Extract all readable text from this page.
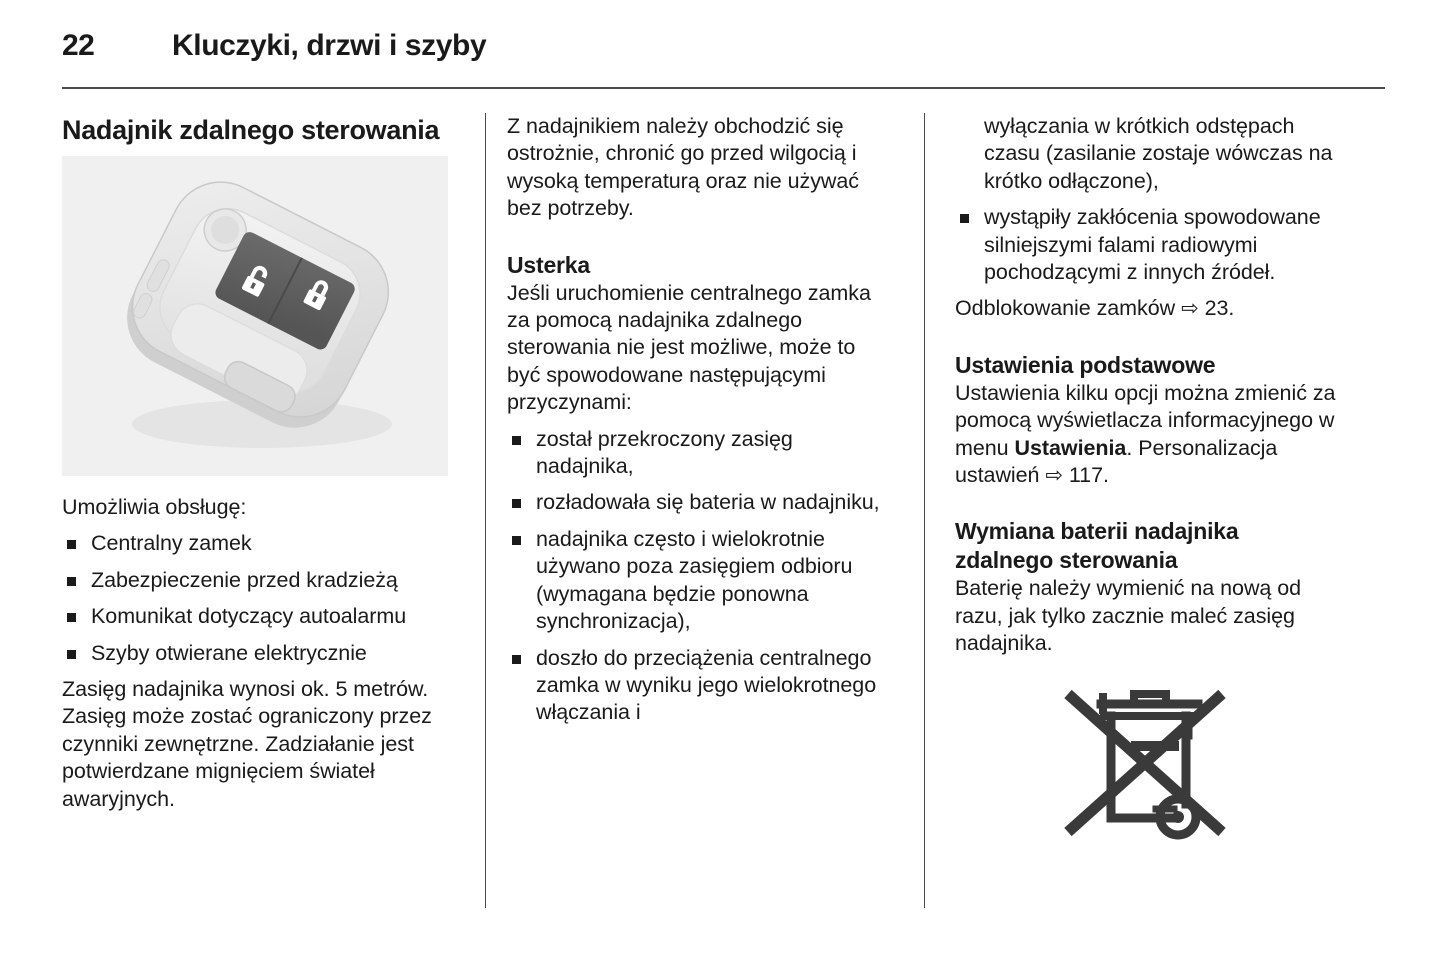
22	Kluczyki, drzwi i szyby
Nadajnik zdalnego sterowania

Umożliwia obsługę:

Centralny zamek
Zabezpieczenie przed kradzieżą
Komunikat dotyczący autoalarmu
Szyby otwierane elektrycznie

Zasięg nadajnika wynosi ok. 5 metrów. Zasięg może zostać ograniczony przez czynniki zewnętrzne. Zadziałanie jest potwierdzane mignięciem świateł awaryjnych.

Z nadajnikiem należy obchodzić się ostrożnie, chronić go przed wilgocią i wysoką temperaturą oraz nie używać bez potrzeby.

Usterka

Jeśli uruchomienie centralnego zamka za pomocą nadajnika zdalnego sterowania nie jest możliwe, może to być spowodowane następującymi przyczynami:

został przekroczony zasięg nadajnika,
rozładowała się bateria w nadajniku,
nadajnika często i wielokrotnie używano poza zasięgiem odbioru (wymagana będzie ponowna synchronizacja),
doszło do przeciążenia centralnego zamka w wyniku jego wielokrotnego włączania i

wyłączania w krótkich odstępach czasu (zasilanie zostaje wówczas na krótko odłączone),

wystąpiły zakłócenia spowodowane silniejszymi falami radiowymi pochodzącymi z innych źródeł.

Odblokowanie zamków ⇨ 23.

Ustawienia podstawowe

Ustawienia kilku opcji można zmienić za pomocą wyświetlacza informacyjnego w menu Ustawienia. Personalizacja ustawień ⇨ 117.

Wymiana baterii nadajnika zdalnego sterowania

Baterię należy wymienić na nową od razu, jak tylko zacznie maleć zasięg nadajnika.
